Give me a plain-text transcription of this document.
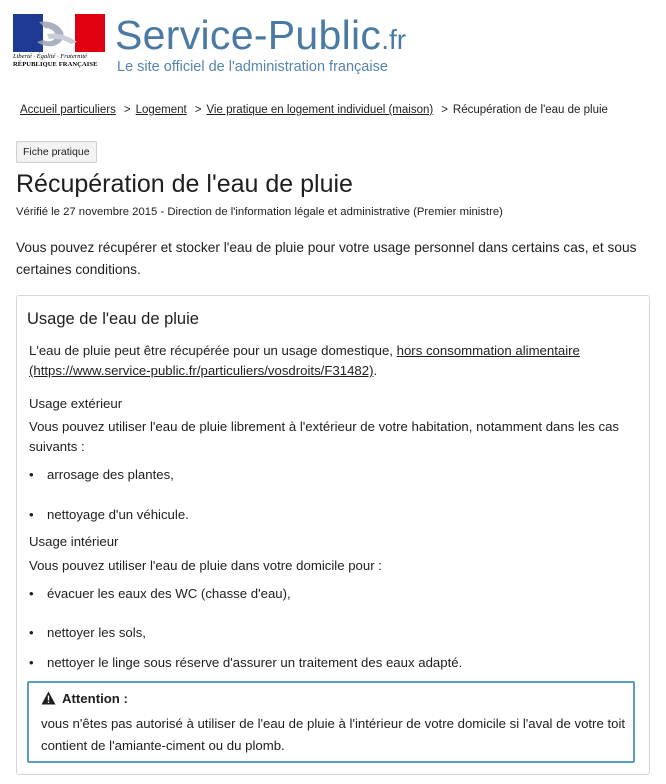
Liberté · Égalité · Fraternité
RÉPUBLIQUE FRANÇAISE
Service-Public.fr
Le site officiel de l'administration française
Accueil particuliers > Logement > Vie pratique en logement individuel (maison) > Récupération de l'eau de pluie
Fiche pratique
Récupération de l'eau de pluie
Vérifié le 27 novembre 2015 - Direction de l'information légale et administrative (Premier ministre)

Vous pouvez récupérer et stocker l'eau de pluie pour votre usage personnel dans certains cas, et sous certaines conditions.

Usage de l'eau de pluie

L'eau de pluie peut être récupérée pour un usage domestique, hors consommation alimentaire
(https://www.service-public.fr/particuliers/vosdroits/F31482).

Usage extérieur

Vous pouvez utiliser l'eau de pluie librement à l'extérieur de votre habitation, notamment dans les cas suivants :

• arrosage des plantes,
• nettoyage d'un véhicule.
Usage intérieur

Vous pouvez utiliser l'eau de pluie dans votre domicile pour :

• évacuer les eaux des WC (chasse d'eau),
• nettoyer les sols,
• nettoyer le linge sous réserve d'assurer un traitement des eaux adapté.
Attention :

vous n'êtes pas autorisé à utiliser de l'eau de pluie à l'intérieur de votre domicile si l'aval de votre toit contient de l'amiante-ciment ou du plomb.
